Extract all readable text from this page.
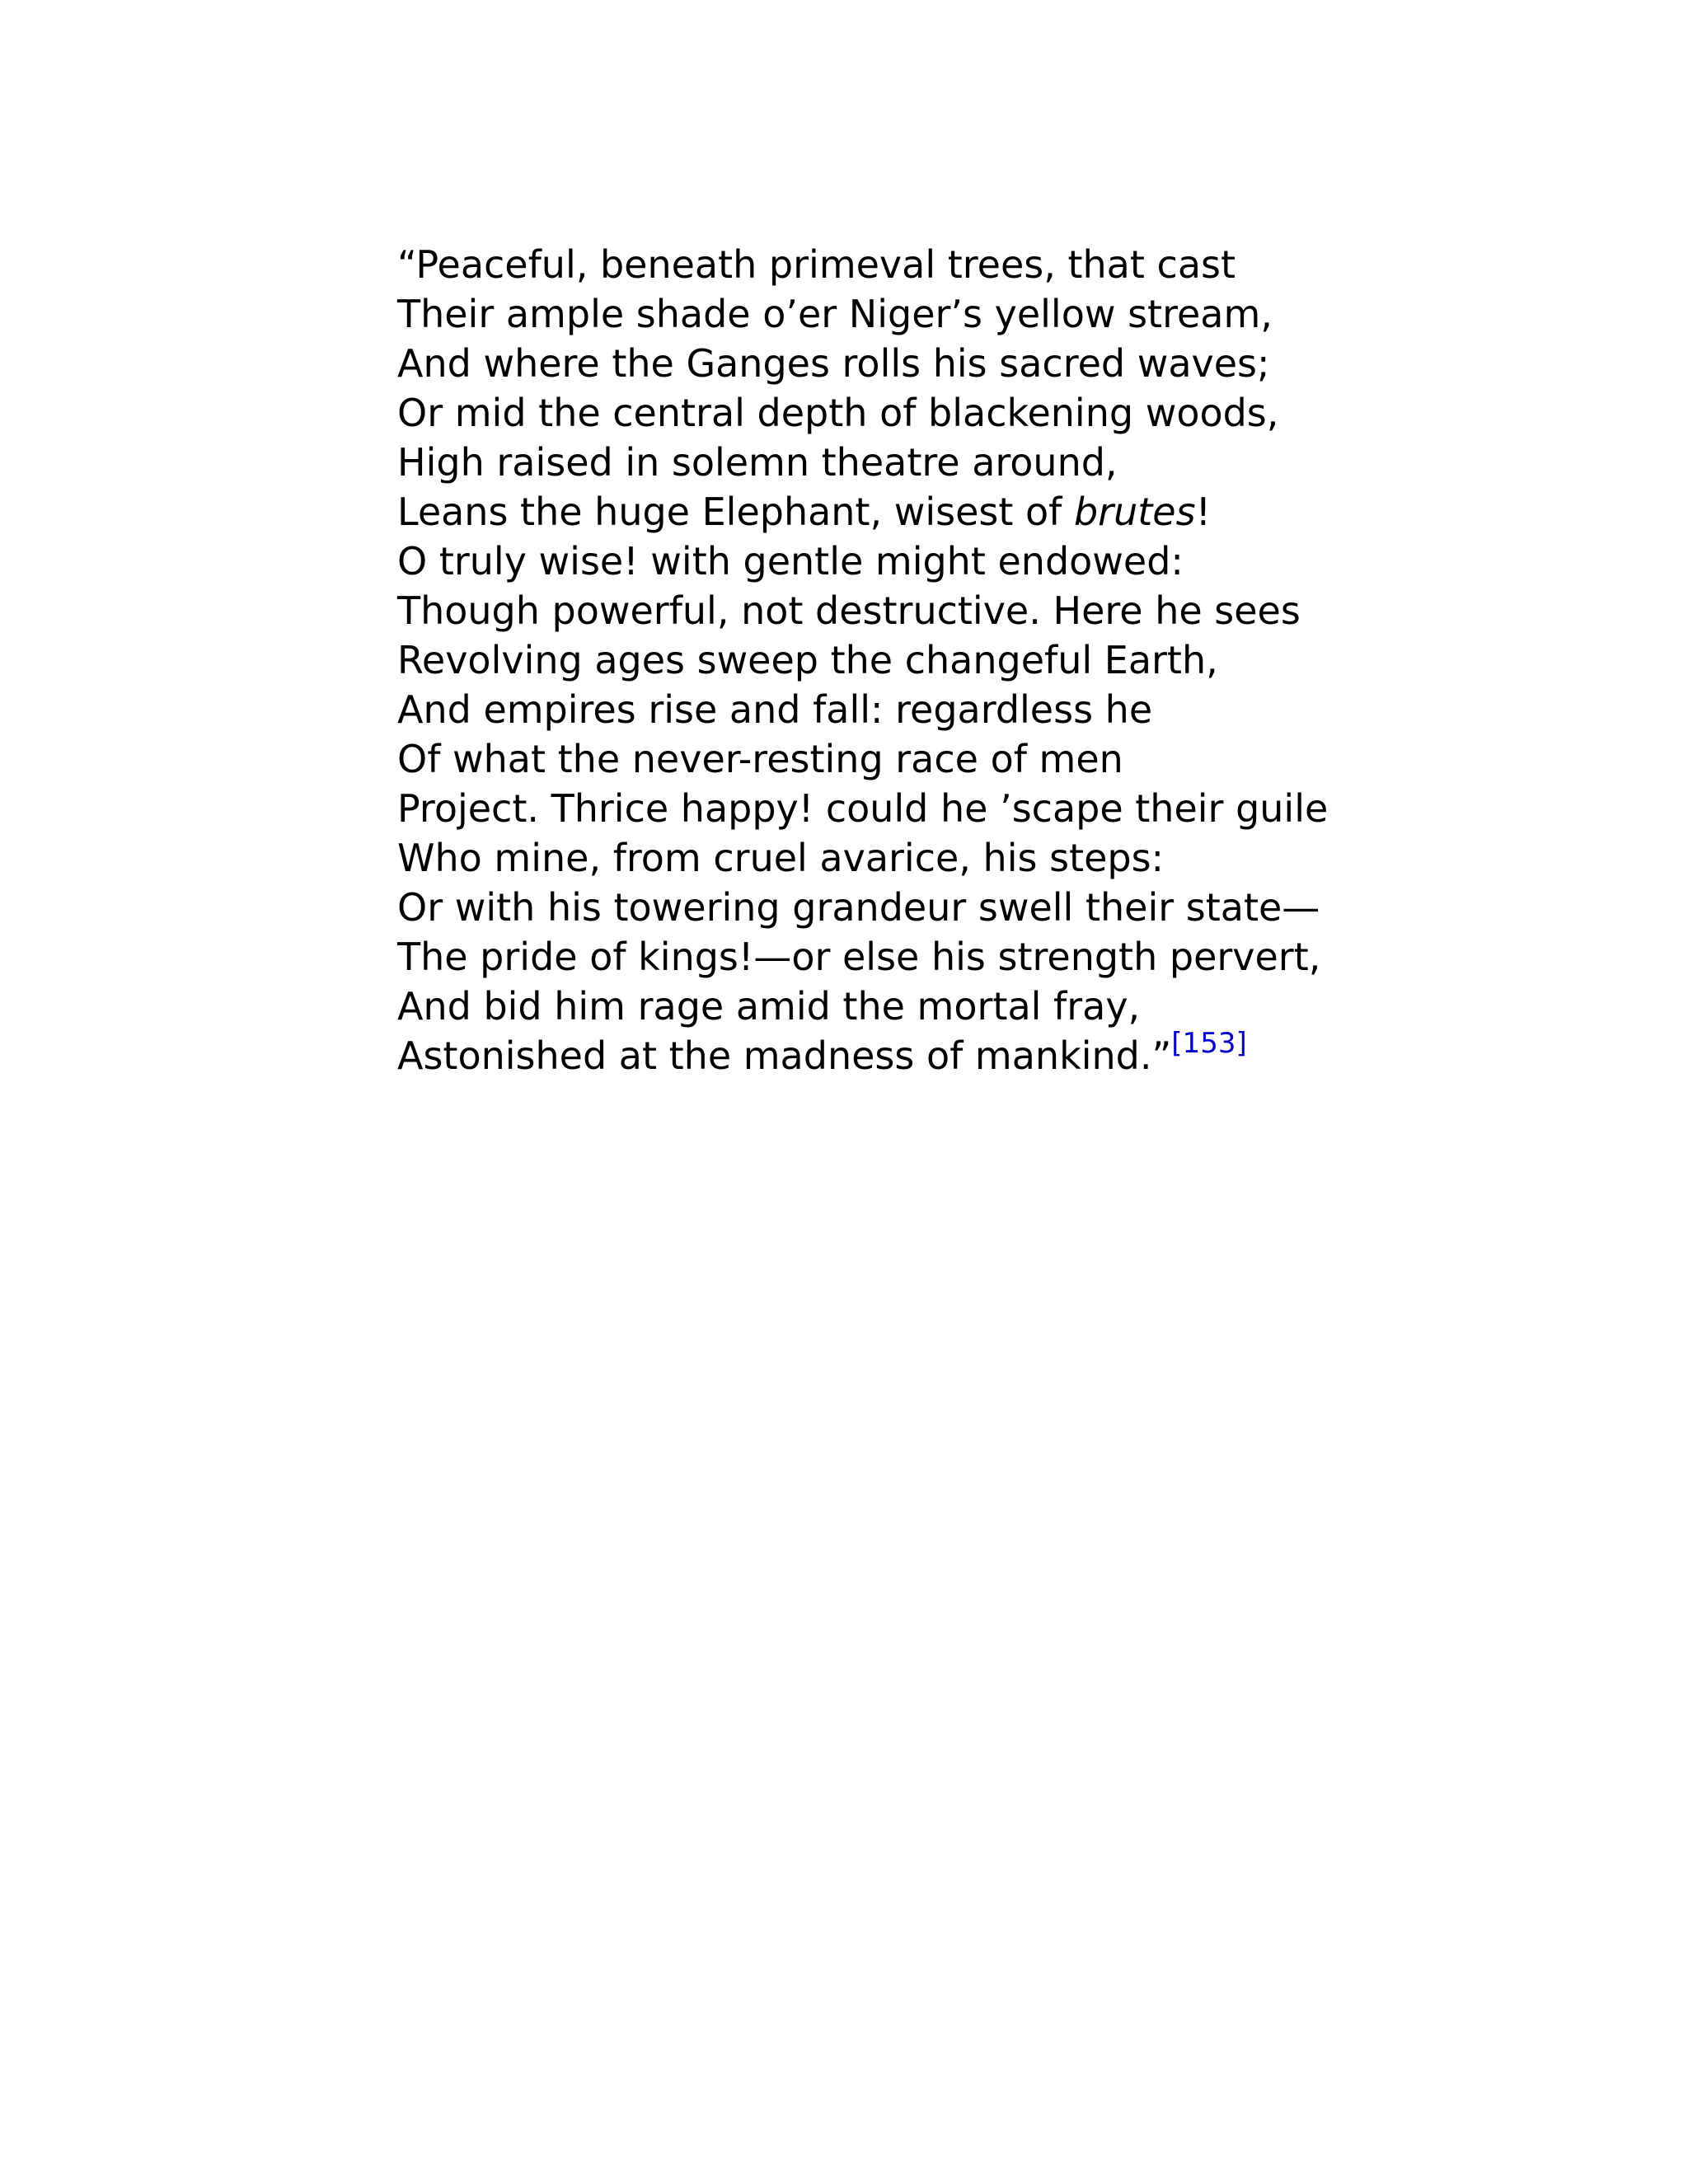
“Peaceful, beneath primeval trees, that cast
Their ample shade o’er Niger’s yellow stream,
And where the Ganges rolls his sacred waves;
Or mid the central depth of blackening woods,
High raised in solemn theatre around,
Leans the huge Elephant, wisest of brutes!
O truly wise! with gentle might endowed:
Though powerful, not destructive. Here he sees
Revolving ages sweep the changeful Earth,
And empires rise and fall: regardless he
Of what the never-resting race of men
Project. Thrice happy! could he ’scape their guile
Who mine, from cruel avarice, his steps:
Or with his towering grandeur swell their state—
The pride of kings!—or else his strength pervert,
And bid him rage amid the mortal fray,
Astonished at the madness of mankind.”[153]
